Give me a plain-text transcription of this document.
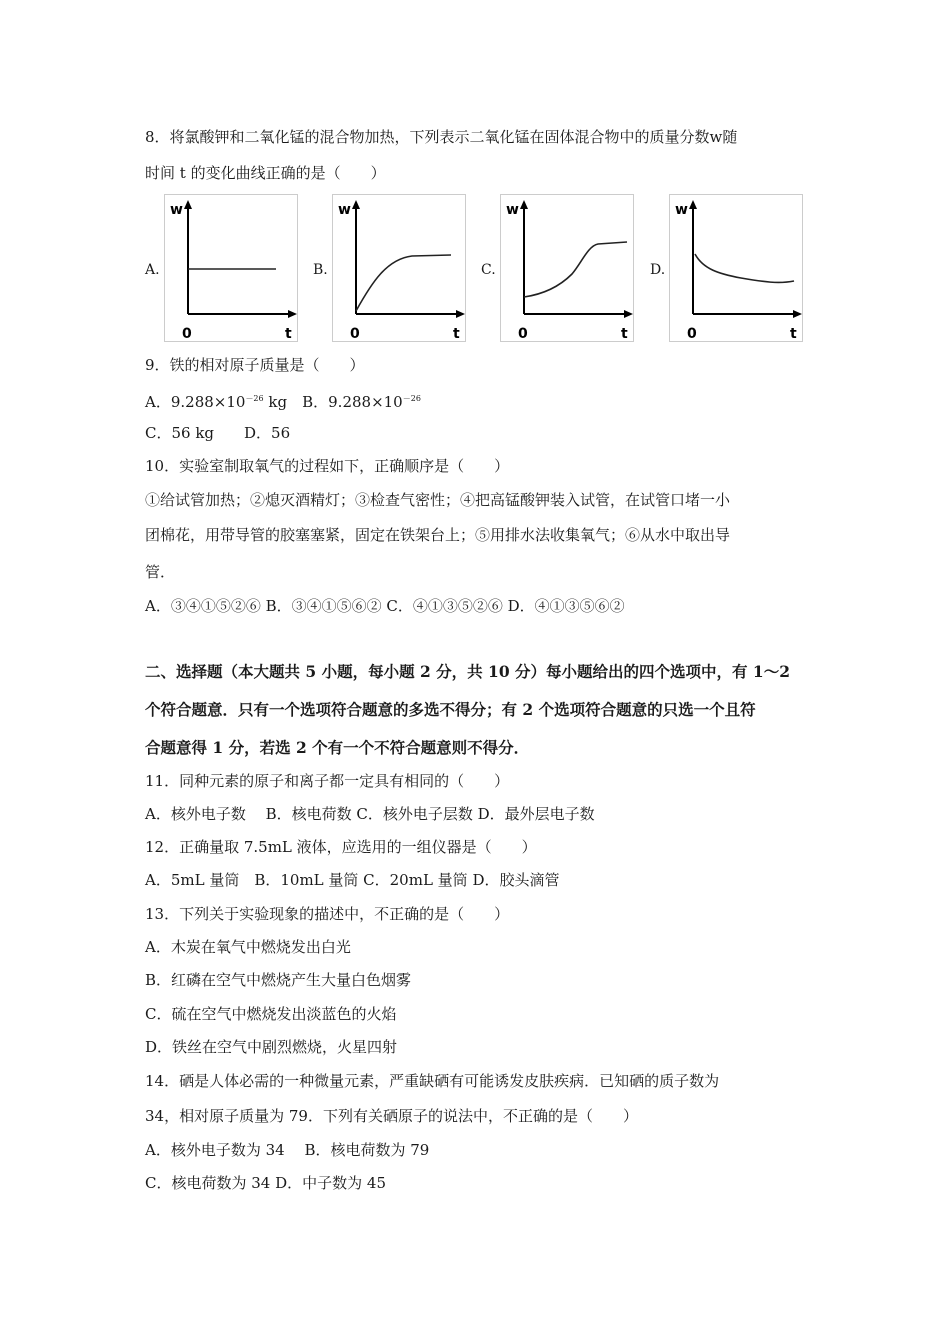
8．将氯酸钾和二氧化锰的混合物加热，下列表示二氧化锰在固体混合物中的质量分数w随
时间 t 的变化曲线正确的是（　　）
A.
w
0	t
B.
w
0	t
C.
w
0	t
D.
w
0	t
9．铁的相对原子质量是（　　）
A．$9.288\times 10^{-26}$ kg　 B．$9.288\times 10^{-26}$
C．56 kg　　D．56
10．实验室制取氧气的过程如下，正确顺序是（　　）
①给试管加热；②熄灭酒精灯；③检查气密性；④把高锰酸钾装入试管，在试管口堵一小
团棉花，用带导管的胶塞塞紧，固定在铁架台上；⑤用排水法收集氧气；⑥从水中取出导
管．
A．③④①⑤②⑥ B．③④①⑤⑥② C．④①③⑤②⑥ D．④①③⑤⑥②
二、选择题（本大题共 5 小题，每小题 2 分，共 10 分）每小题给出的四个选项中，有 1～2
个符合题意．只有一个选项符合题意的多选不得分；有 2 个选项符合题意的只选一个且符
合题意得 1 分，若选 2 个有一个不符合题意则不得分．
11．同种元素的原子和离子都一定具有相同的（　　）
A．核外电子数　 B．核电荷数 C．核外电子层数 D．最外层电子数
12．正确量取 7.5mL 液体，应选用的一组仪器是（　　）
A．5mL 量筒　B．10mL 量筒 C．20mL 量筒 D．胶头滴管
13．下列关于实验现象的描述中，不正确的是（　　）
A．木炭在氧气中燃烧发出白光
B．红磷在空气中燃烧产生大量白色烟雾
C．硫在空气中燃烧发出淡蓝色的火焰
D．铁丝在空气中剧烈燃烧，火星四射
14．硒是人体必需的一种微量元素，严重缺硒有可能诱发皮肤疾病．已知硒的质子数为
34，相对原子质量为 79．下列有关硒原子的说法中，不正确的是（　　）
A．核外电子数为 34　 B．核电荷数为 79
C．核电荷数为 34 D．中子数为 45
